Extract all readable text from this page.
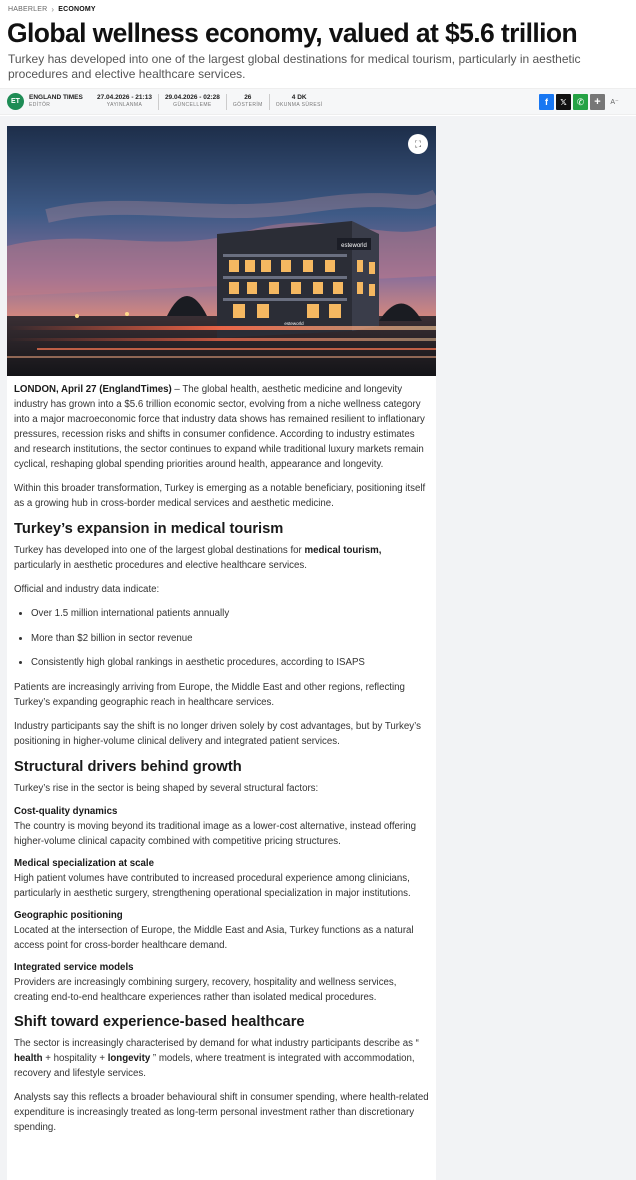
HABERLER › ECONOMY
Global wellness economy, valued at $5.6 trillion

Turkey has developed into one of the largest global destinations for medical tourism, particularly in aesthetic procedures and elective healthcare services.

ET
ENGLAND TIMES
EDİTÖR
27.04.2026 - 21:13
YAYINLANMA
29.04.2026 - 02:28
GÜNCELLEME
26
GÖSTERİM
4 DK
OKUNMA SÜRESİ	f	𝕏	✆ +	A⁻
esteworld
esteworld
⛶

LONDON, April 27 (EnglandTimes) – The global health, aesthetic medicine and longevity industry has grown into a $5.6 trillion economic sector, evolving from a niche wellness category into a major macroeconomic force that industry data shows has remained resilient to inflationary pressures, recession risks and shifts in consumer confidence. According to industry estimates and research institutions, the sector continues to expand while traditional luxury markets remain cyclical, reshaping global spending priorities around health, appearance and longevity.

Within this broader transformation, Turkey is emerging as a notable beneficiary, positioning itself as a growing hub in cross-border medical services and aesthetic medicine.

Turkey’s expansion in medical tourism

Turkey has developed into one of the largest global destinations for medical tourism, particularly in aesthetic procedures and elective healthcare services.

Official and industry data indicate:

• Over 1.5 million international patients annually
• More than $2 billion in sector revenue
• Consistently high global rankings in aesthetic procedures, according to ISAPS

Patients are increasingly arriving from Europe, the Middle East and other regions, reflecting Turkey’s expanding geographic reach in healthcare services.

Industry participants say the shift is no longer driven solely by cost advantages, but by Turkey’s positioning in higher-volume clinical delivery and integrated patient services.

Structural drivers behind growth

Turkey’s rise in the sector is being shaped by several structural factors:

Cost-quality dynamics

The country is moving beyond its traditional image as a lower-cost alternative, instead offering higher-volume clinical capacity combined with competitive pricing structures.

Medical specialization at scale

High patient volumes have contributed to increased procedural experience among clinicians, particularly in aesthetic surgery, strengthening operational specialization in major institutions.

Geographic positioning

Located at the intersection of Europe, the Middle East and Asia, Turkey functions as a natural access point for cross-border healthcare demand.

Integrated service models

Providers are increasingly combining surgery, recovery, hospitality and wellness services, creating end-to-end healthcare experiences rather than isolated medical procedures.

Shift toward experience-based healthcare

The sector is increasingly characterised by demand for what industry participants describe as “ health + hospitality + longevity ” models, where treatment is integrated with accommodation, recovery and lifestyle services.

Analysts say this reflects a broader behavioural shift in consumer spending, where health-related expenditure is increasingly treated as long-term personal investment rather than discretionary spending.
